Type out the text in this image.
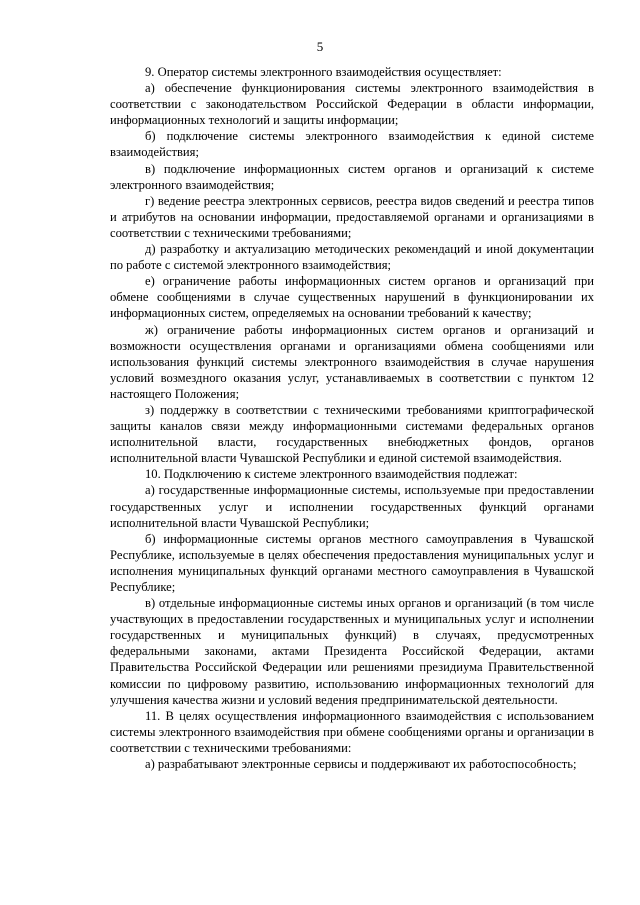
5

9. Оператор системы электронного взаимодействия осуществляет:

а) обеспечение функционирования системы электронного взаимодействия в соответствии с законодательством Российской Федерации в области информации, информационных технологий и защиты информации;

б) подключение системы электронного взаимодействия к единой системе взаимодействия;

в) подключение информационных систем органов и организаций к системе электронного взаимодействия;

г) ведение реестра электронных сервисов, реестра видов сведений и реестра типов и атрибутов на основании информации, предоставляемой органами и организациями в соответствии с техническими требованиями;

д) разработку и актуализацию методических рекомендаций и иной документации по работе с системой электронного взаимодействия;

е) ограничение работы информационных систем органов и организаций при обмене сообщениями в случае существенных нарушений в функционировании их информационных систем, определяемых на основании требований к качеству;

ж) ограничение работы информационных систем органов и организаций и возможности осуществления органами и организациями обмена сообщениями или использования функций системы электронного взаимодействия в случае нарушения условий возмездного оказания услуг, устанавливаемых в соответствии с пунктом 12 настоящего Положения;

з) поддержку в соответствии с техническими требованиями криптографической защиты каналов связи между информационными системами федеральных органов исполнительной власти, государственных внебюджетных фондов, органов исполнительной власти Чувашской Республики и единой системой взаимодействия.

10. Подключению к системе электронного взаимодействия подлежат:

а) государственные информационные системы, используемые при предоставлении государственных услуг и исполнении государственных функций органами исполнительной власти Чувашской Республики;

б) информационные системы органов местного самоуправления в Чувашской Республике, используемые в целях обеспечения предоставления муниципальных услуг и исполнения муниципальных функций органами местного самоуправления в Чувашской Республике;

в) отдельные информационные системы иных органов и организаций (в том числе участвующих в предоставлении государственных и муниципальных услуг и исполнении государственных и муниципальных функций) в случаях, предусмотренных федеральными законами, актами Президента Российской Федерации, актами Правительства Российской Федерации или решениями президиума Правительственной комиссии по цифровому развитию, использованию информационных технологий для улучшения качества жизни и условий ведения предпринимательской деятельности.

11. В целях осуществления информационного взаимодействия с использованием системы электронного взаимодействия при обмене сообщениями органы и организации в соответствии с техническими требованиями:

а) разрабатывают электронные сервисы и поддерживают их работоспособность;
